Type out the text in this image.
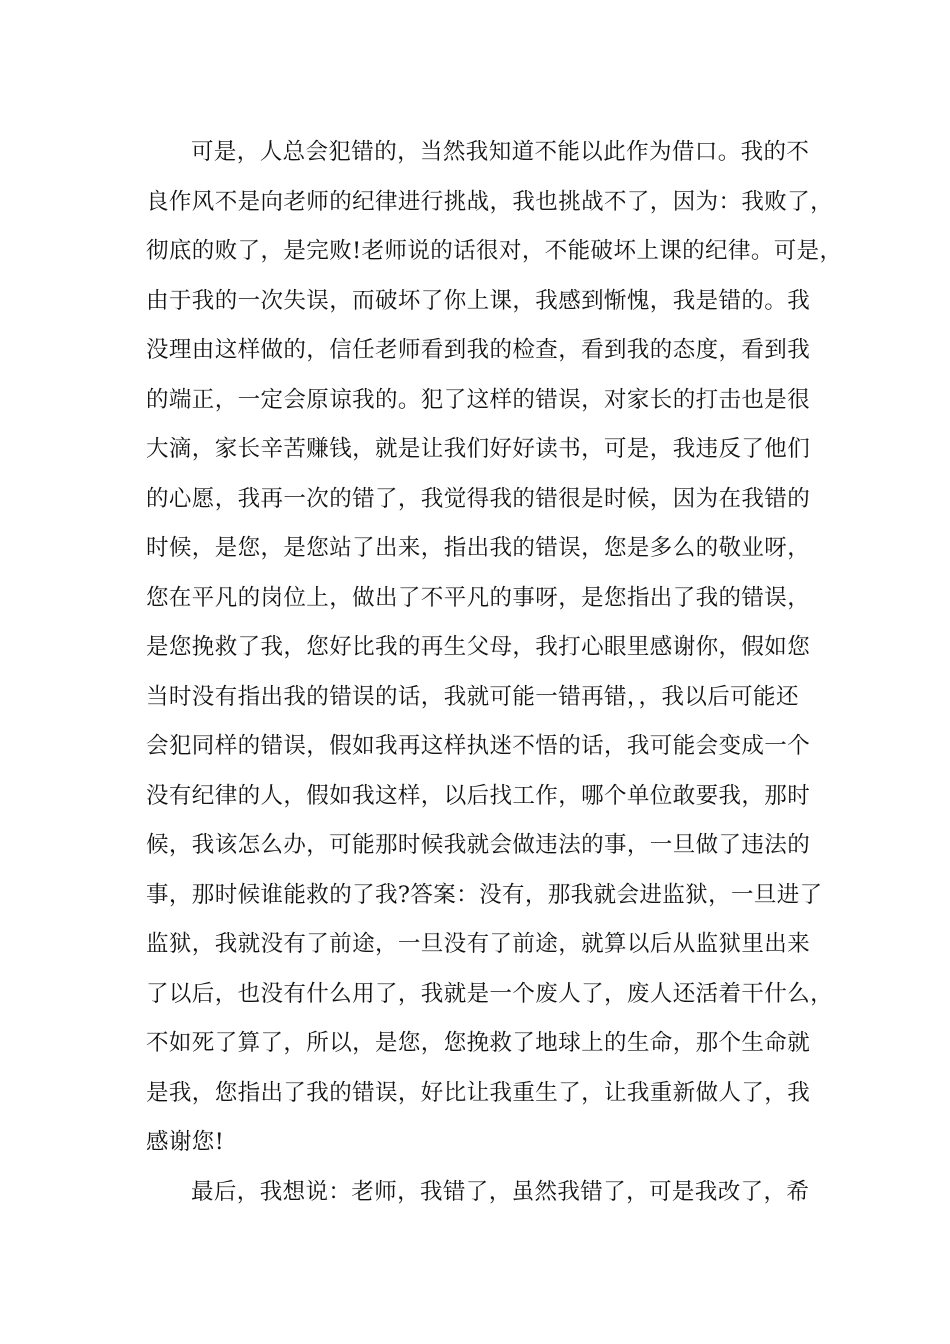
可是，人总会犯错的，当然我知道不能以此作为借口。我的不
良作风不是向老师的纪律进行挑战，我也挑战不了，因为：我败了，
彻底的败了，是完败!老师说的话很对，不能破坏上课的纪律。可是，
由于我的一次失误，而破坏了你上课，我感到惭愧，我是错的。我
没理由这样做的，信任老师看到我的检查，看到我的态度，看到我
的端正，一定会原谅我的。犯了这样的错误，对家长的打击也是很
大滴，家长辛苦赚钱，就是让我们好好读书，可是，我违反了他们
的心愿，我再一次的错了，我觉得我的错很是时候，因为在我错的
时候，是您，是您站了出来，指出我的错误，您是多么的敬业呀，
您在平凡的岗位上，做出了不平凡的事呀，是您指出了我的错误，
是您挽救了我，您好比我的再生父母，我打心眼里感谢你，假如您
当时没有指出我的错误的话，我就可能一错再错，，我以后可能还
会犯同样的错误，假如我再这样执迷不悟的话，我可能会变成一个
没有纪律的人，假如我这样，以后找工作，哪个单位敢要我，那时
候，我该怎么办，可能那时候我就会做违法的事，一旦做了违法的
事，那时候谁能救的了我?答案：没有，那我就会进监狱，一旦进了
监狱，我就没有了前途，一旦没有了前途，就算以后从监狱里出来
了以后，也没有什么用了，我就是一个废人了，废人还活着干什么，
不如死了算了，所以，是您，您挽救了地球上的生命，那个生命就
是我，您指出了我的错误，好比让我重生了，让我重新做人了，我
感谢您!
最后，我想说：老师，我错了，虽然我错了，可是我改了，希
